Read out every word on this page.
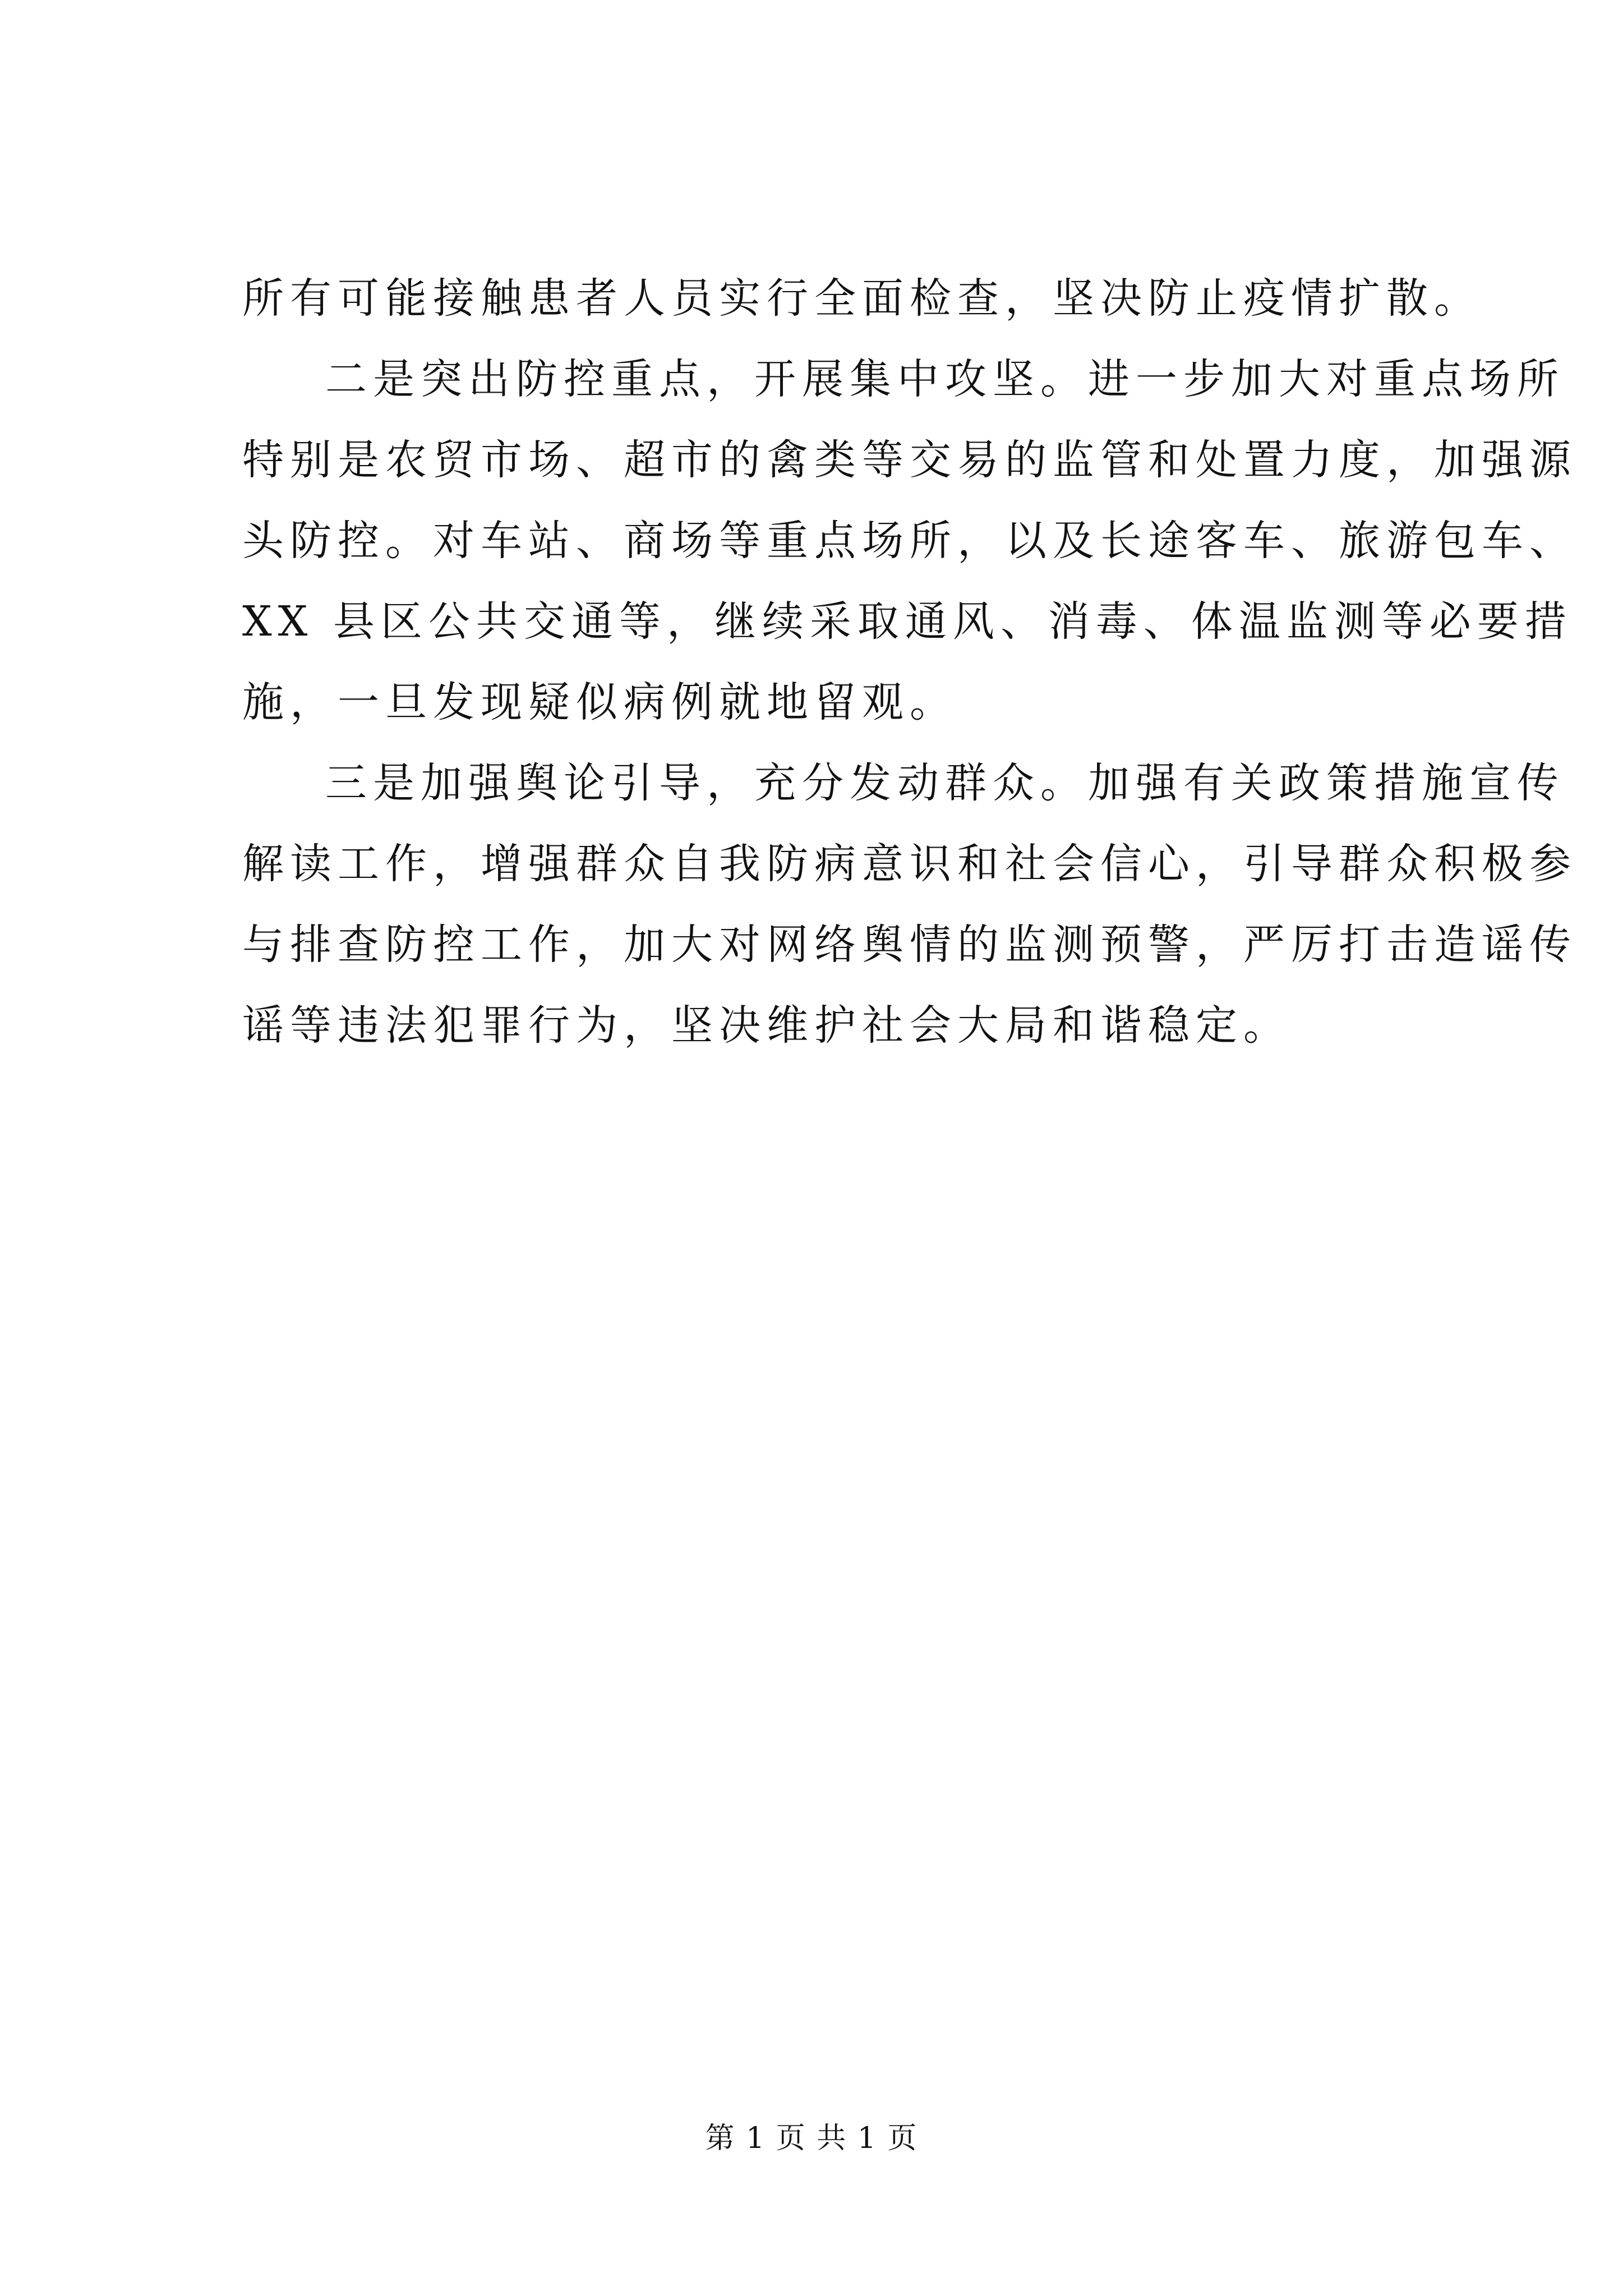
所有可能接触患者人员实行全面检查，坚决防止疫情扩散。
二是突出防控重点，开展集中攻坚。进一步加大对重点场所
特别是农贸市场、超市的禽类等交易的监管和处置力度，加强源
头防控。对车站、商场等重点场所，以及长途客车、旅游包车、
XX 县区公共交通等，继续采取通风、消毒、体温监测等必要措
施，一旦发现疑似病例就地留观。
三是加强舆论引导，充分发动群众。加强有关政策措施宣传
解读工作，增强群众自我防病意识和社会信心，引导群众积极参
与排查防控工作，加大对网络舆情的监测预警，严厉打击造谣传
谣等违法犯罪行为，坚决维护社会大局和谐稳定。
第 1 页 共 1 页
